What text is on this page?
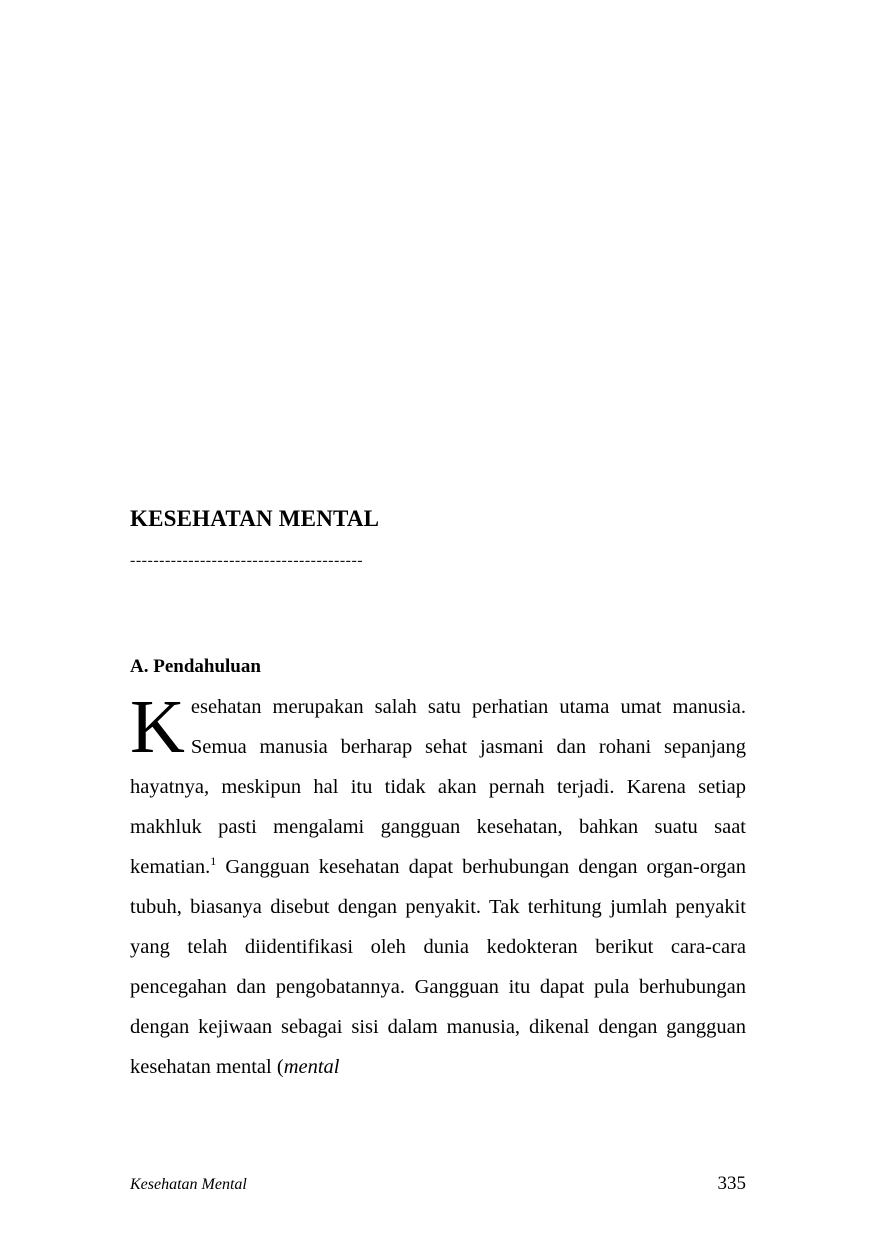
KESEHATAN MENTAL
----------------------------------------
A. Pendahuluan
Kesehatan merupakan salah satu perhatian utama umat manusia. Semua manusia berharap sehat jasmani dan rohani sepanjang hayatnya, meskipun hal itu tidak akan pernah terjadi. Karena setiap makhluk pasti mengalami gangguan kesehatan, bahkan suatu saat kematian.$^1$ Gangguan kesehatan dapat berhubungan dengan organ-organ tubuh, biasanya disebut dengan penyakit. Tak terhitung jumlah penyakit yang telah diidentifikasi oleh dunia kedokteran berikut cara-cara pencegahan dan pengobatannya. Gangguan itu dapat pula berhubungan dengan kejiwaan sebagai sisi dalam manusia, dikenal dengan gangguan kesehatan mental (mental
Kesehatan Mental	335
